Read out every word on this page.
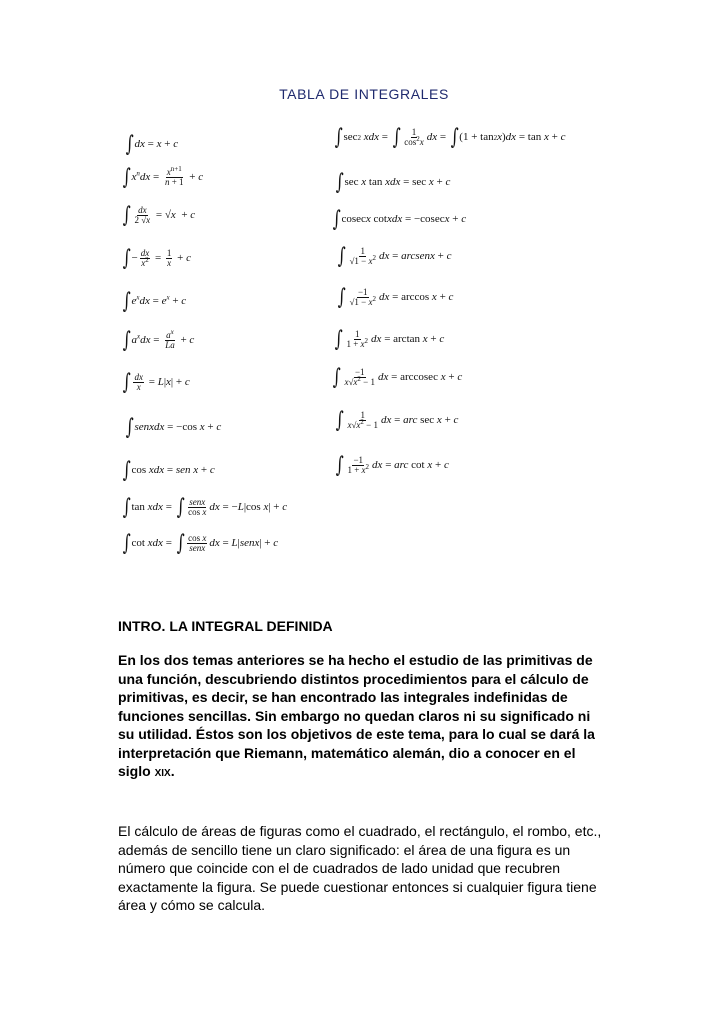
TABLA DE INTEGRALES
∫ dx = x + c
∫ $x^ndx = \frac{x^{n+1}}{n + 1} + c$
∫ $\frac{dx}{2 √x}$ = √ x + c
∫ − $\frac{dx}{x^2} = \frac{1}{x} + c$
∫ $e^xdx = e^x + c$
∫ $a^xdx = \frac{a^x}{La} + c$
∫ $\frac{dx}{x} = L$ | x | + c
∫ senxdx = −cos x + c
∫ cos xdx = sen x + c
∫ tan xdx = ∫ $\frac{\text{senx}}{\text{cos x}}$ dx = − L |cos x | + c
∫ cot xdx = ∫ $\frac{\text{cos x}}{\text{senx}}$ dx = L | senx | + c
∫ sec 2
xdx = ∫ $\frac{1}{\cos^2x}$ dx = ∫ (1 + tan 2 x ) dx = tan x + c
∫ sec x tan xdx = sec x + c
∫ cosec x cot xdx = −cosec x + c
∫ $\frac{1}{√1 - x^2}$ dx = arcsenx + c
∫ $\frac{-1}{√1 - x^2}$ dx = arccos x + c
∫ $\frac{1}{1 + x^2}$ dx = arctan x + c
∫ $\frac{-1}{x√x^2 - 1}$ dx = arccosec x + c
∫ $\frac{1}{x√x^2 - 1}$ dx = arc sec x + c
∫ $\frac{-1}{1 + x^2}$ dx = arc cot x + c
INTRO. LA INTEGRAL DEFINIDA
En los dos temas anteriores se ha hecho el estudio de las primitivas de una función, descubriendo distintos procedimientos para el cálculo de primitivas, es decir, se han encontrado las integrales indefinidas de funciones sencillas. Sin embargo no quedan claros ni su significado ni su utilidad. Éstos son los objetivos de este tema, para lo cual se dará la interpretación que Riemann, matemático alemán, dio a conocer en el siglo XIX.
El cálculo de áreas de figuras como el cuadrado, el rectángulo, el rombo, etc., además de sencillo tiene un claro significado: el área de una figura es un número que coincide con el de cuadrados de lado unidad que recubren exactamente la figura. Se puede cuestionar entonces si cualquier figura tiene área y cómo se calcula.
